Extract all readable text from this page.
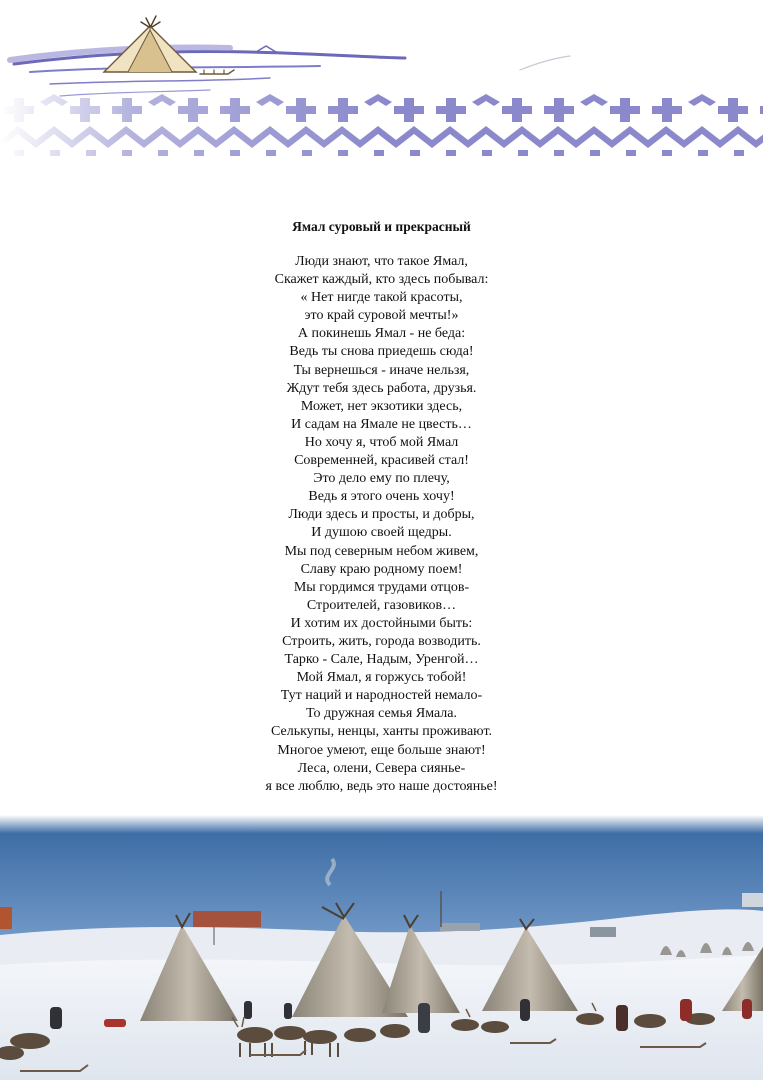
Ямал суровый и прекрасный
Люди знают, что такое Ямал,
Скажет каждый, кто здесь побывал:
« Нет нигде такой красоты,
это край суровой мечты!»
А покинешь Ямал - не беда:
Ведь ты снова приедешь сюда!
Ты вернешься - иначе нельзя,
Ждут тебя здесь работа, друзья.
Может, нет экзотики здесь,
И садам на Ямале не цвесть…
Но хочу я, чтоб мой Ямал
Современней, красивей стал!
Это дело ему по плечу,
Ведь я этого очень хочу!
Люди здесь и просты, и добры,
И душою своей щедры.
Мы под северным небом живем,
Славу краю родному поем!
Мы гордимся трудами отцов-
Строителей, газовиков…
И хотим их достойными быть:
Строить, жить, города возводить.
Тарко - Сале, Надым, Уренгой…
Мой Ямал, я горжусь тобой!
Тут наций и народностей немало-
То дружная семья Ямала.
Селькупы, ненцы, ханты проживают.
Многое умеют, еще больше знают!
Леса, олени, Севера сиянье-
я все люблю, ведь это наше достоянье!
